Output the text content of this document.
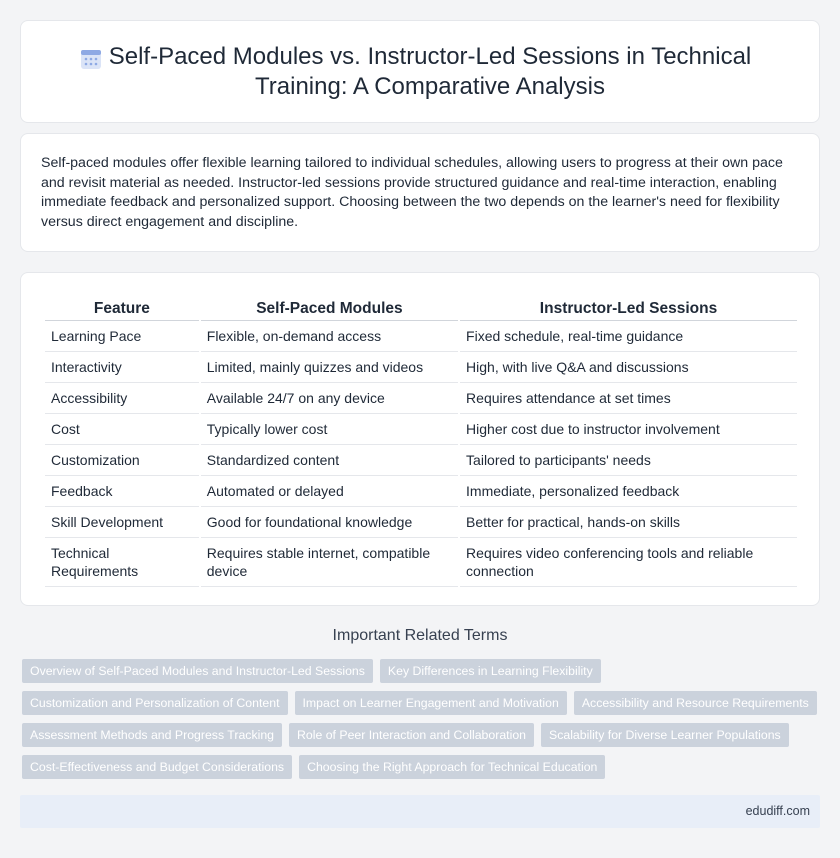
Self-Paced Modules vs. Instructor-Led Sessions in Technical Training: A Comparative Analysis

Self-paced modules offer flexible learning tailored to individual schedules, allowing users to progress at their own pace and revisit material as needed. Instructor-led sessions provide structured guidance and real-time interaction, enabling immediate feedback and personalized support. Choosing between the two depends on the learner's need for flexibility versus direct engagement and discipline.

Feature	Self-Paced Modules	Instructor-Led Sessions
Learning Pace	Flexible, on-demand access	Fixed schedule, real-time guidance
Interactivity	Limited, mainly quizzes and videos	High, with live Q&A and discussions
Accessibility	Available 24/7 on any device	Requires attendance at set times
Cost	Typically lower cost	Higher cost due to instructor involvement
Customization	Standardized content	Tailored to participants' needs
Feedback	Automated or delayed	Immediate, personalized feedback
Skill Development	Good for foundational knowledge	Better for practical, hands-on skills
Technical Requirements	Requires stable internet, compatible device	Requires video conferencing tools and reliable connection
Important Related Terms
Overview of Self-Paced Modules and Instructor-Led Sessions	Key Differences in Learning Flexibility
Customization and Personalization of Content	Impact on Learner Engagement and Motivation	Accessibility and Resource Requirements
Assessment Methods and Progress Tracking	Role of Peer Interaction and Collaboration	Scalability for Diverse Learner Populations
Cost-Effectiveness and Budget Considerations	Choosing the Right Approach for Technical Education
edudiff.com
